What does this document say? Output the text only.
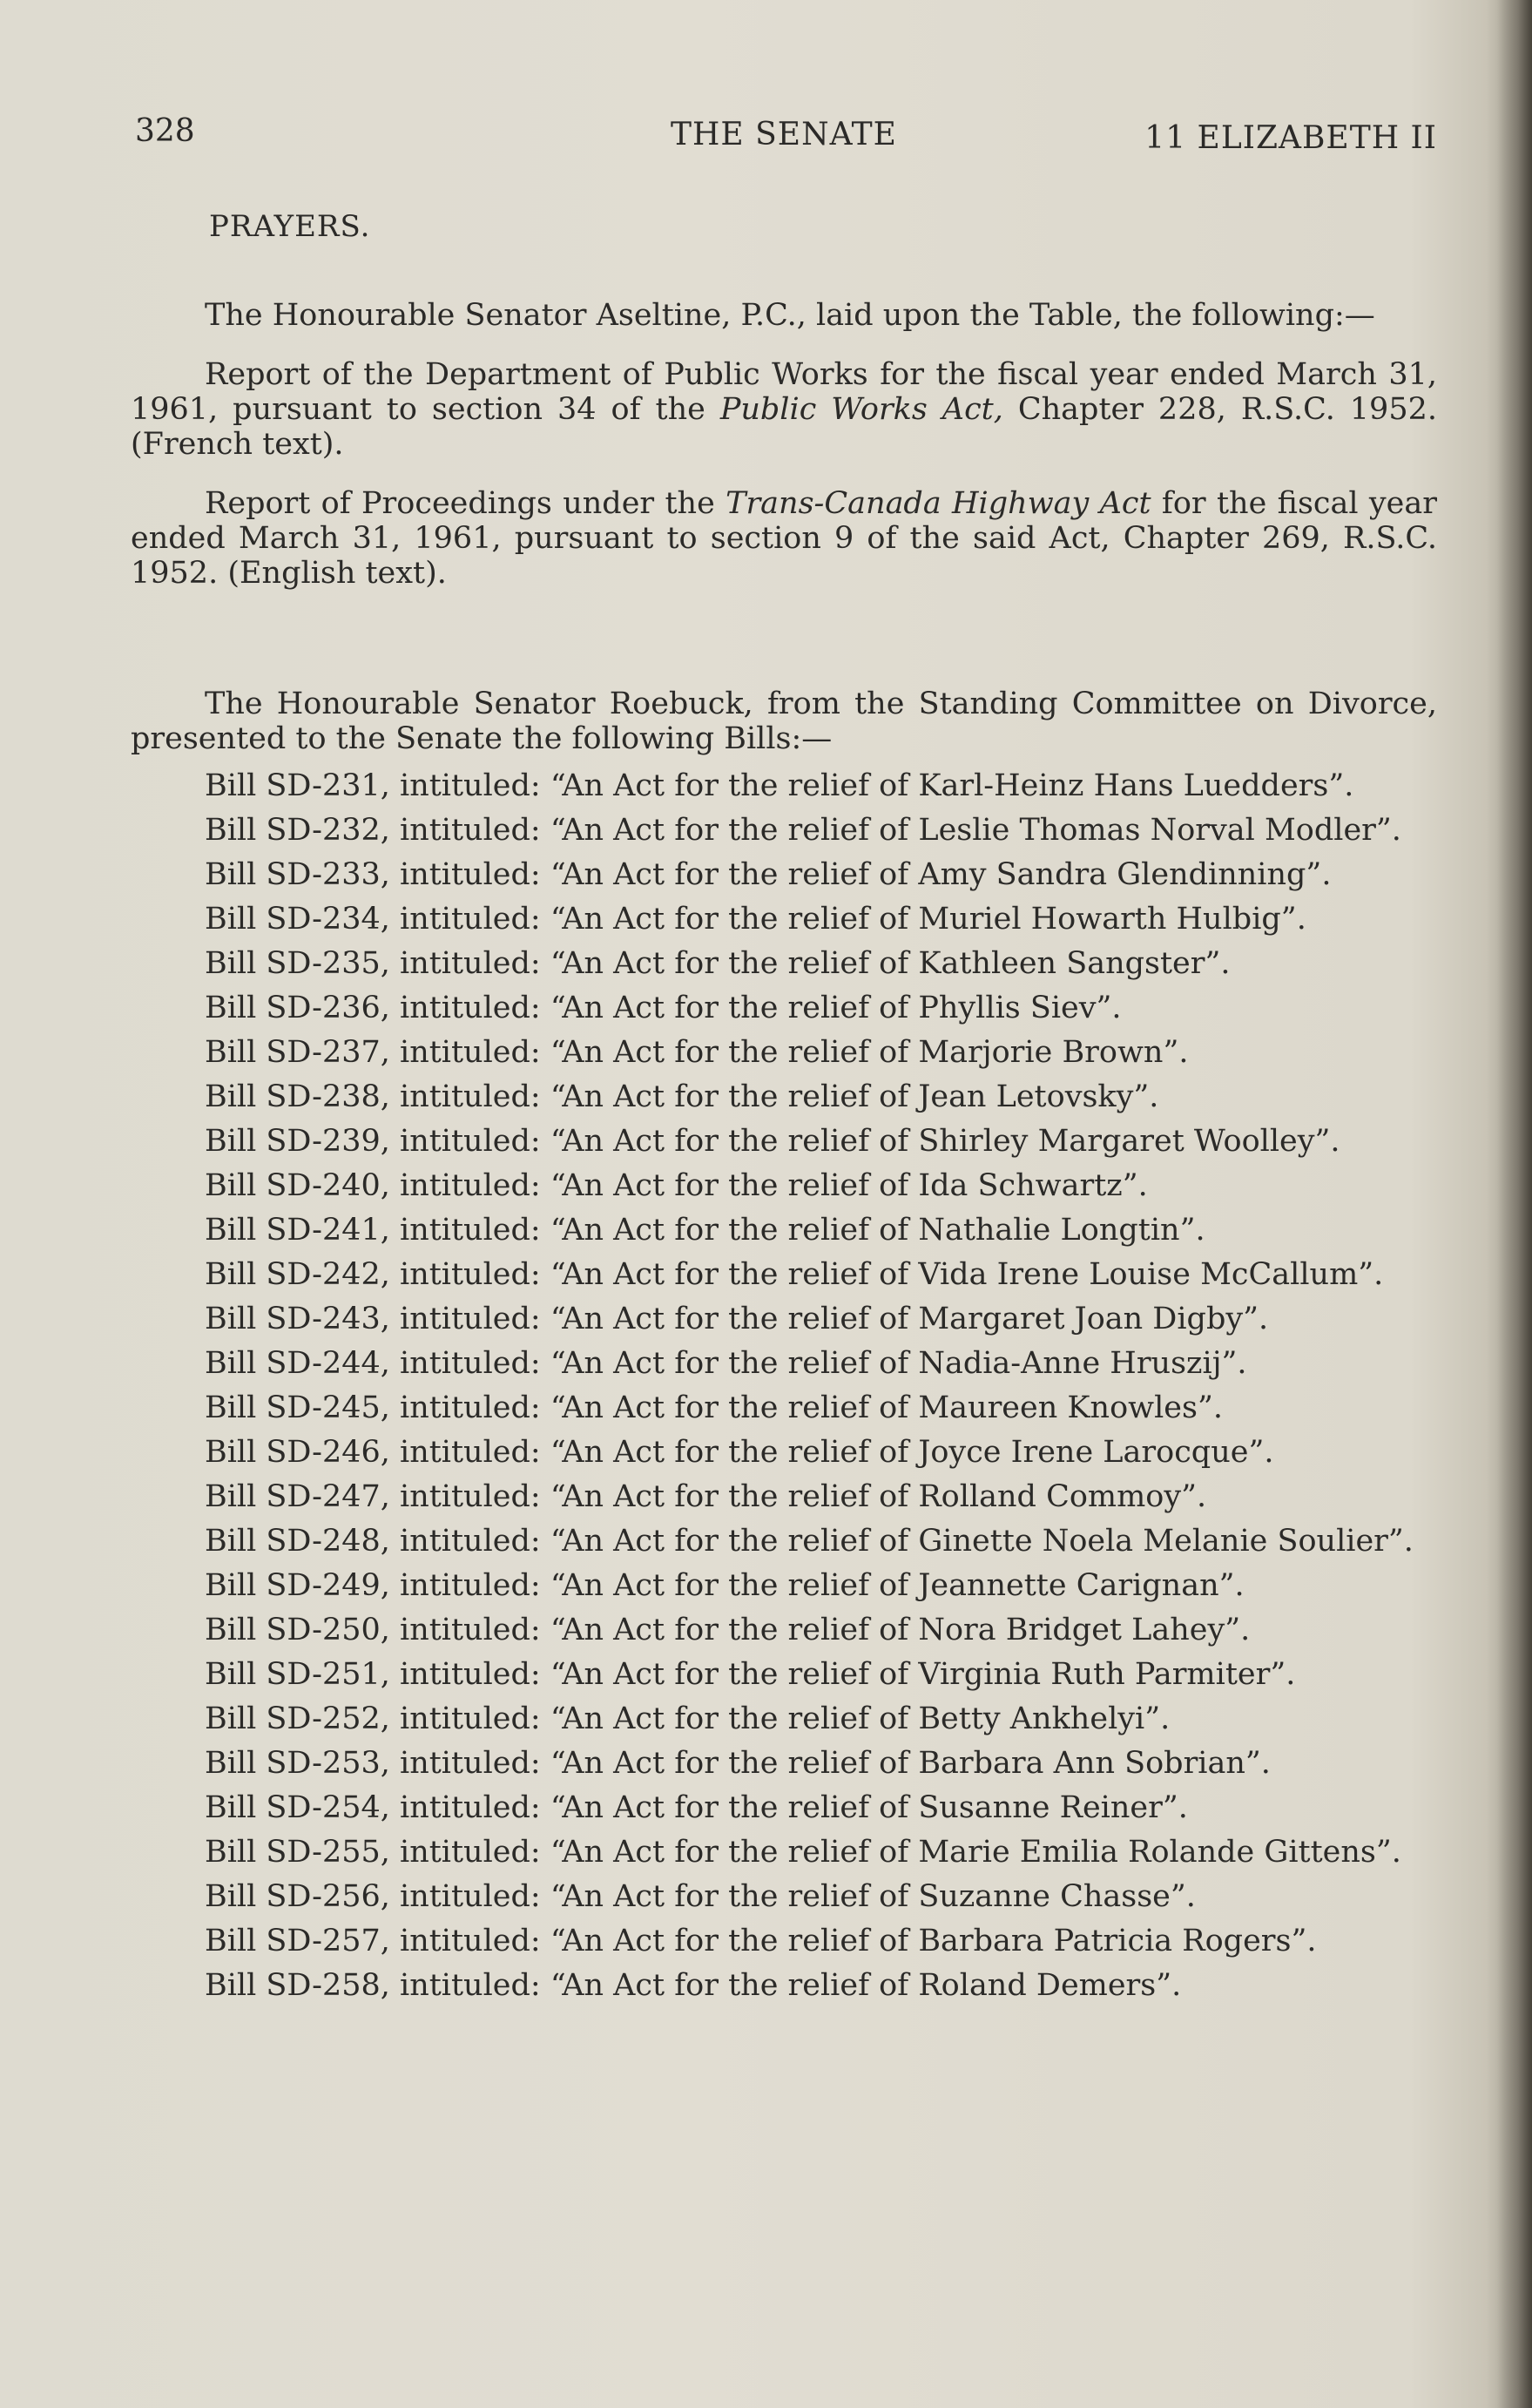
328	THE SENATE	11 ELIZABETH II

PRAYERS.

The Honourable Senator Aseltine, P.C., laid upon the Table, the following:—

Report of the Department of Public Works for the fiscal year ended March 31, 1961, pursuant to section 34 of the Public Works Act, Chapter 228, R.S.C. 1952. (French text).

Report of Proceedings under the Trans-Canada Highway Act for the fiscal year ended March 31, 1961, pursuant to section 9 of the said Act, Chapter 269, R.S.C. 1952. (English text).

The Honourable Senator Roebuck, from the Standing Committee on Divorce, presented to the Senate the following Bills:—

Bill SD-231, intituled: “An Act for the relief of Karl-Heinz Hans Luedders”.

Bill SD-232, intituled: “An Act for the relief of Leslie Thomas Norval Modler”.

Bill SD-233, intituled: “An Act for the relief of Amy Sandra Glendinning”.

Bill SD-234, intituled: “An Act for the relief of Muriel Howarth Hulbig”.

Bill SD-235, intituled: “An Act for the relief of Kathleen Sangster”.

Bill SD-236, intituled: “An Act for the relief of Phyllis Siev”.

Bill SD-237, intituled: “An Act for the relief of Marjorie Brown”.

Bill SD-238, intituled: “An Act for the relief of Jean Letovsky”.

Bill SD-239, intituled: “An Act for the relief of Shirley Margaret Woolley”.

Bill SD-240, intituled: “An Act for the relief of Ida Schwartz”.

Bill SD-241, intituled: “An Act for the relief of Nathalie Longtin”.

Bill SD-242, intituled: “An Act for the relief of Vida Irene Louise McCallum”.

Bill SD-243, intituled: “An Act for the relief of Margaret Joan Digby”.

Bill SD-244, intituled: “An Act for the relief of Nadia-Anne Hruszij”.

Bill SD-245, intituled: “An Act for the relief of Maureen Knowles”.

Bill SD-246, intituled: “An Act for the relief of Joyce Irene Larocque”.

Bill SD-247, intituled: “An Act for the relief of Rolland Commoy”.

Bill SD-248, intituled: “An Act for the relief of Ginette Noela Melanie Soulier”.

Bill SD-249, intituled: “An Act for the relief of Jeannette Carignan”.

Bill SD-250, intituled: “An Act for the relief of Nora Bridget Lahey”.

Bill SD-251, intituled: “An Act for the relief of Virginia Ruth Parmiter”.

Bill SD-252, intituled: “An Act for the relief of Betty Ankhelyi”.

Bill SD-253, intituled: “An Act for the relief of Barbara Ann Sobrian”.

Bill SD-254, intituled: “An Act for the relief of Susanne Reiner”.

Bill SD-255, intituled: “An Act for the relief of Marie Emilia Rolande Gittens”.

Bill SD-256, intituled: “An Act for the relief of Suzanne Chasse”.

Bill SD-257, intituled: “An Act for the relief of Barbara Patricia Rogers”.

Bill SD-258, intituled: “An Act for the relief of Roland Demers”.
